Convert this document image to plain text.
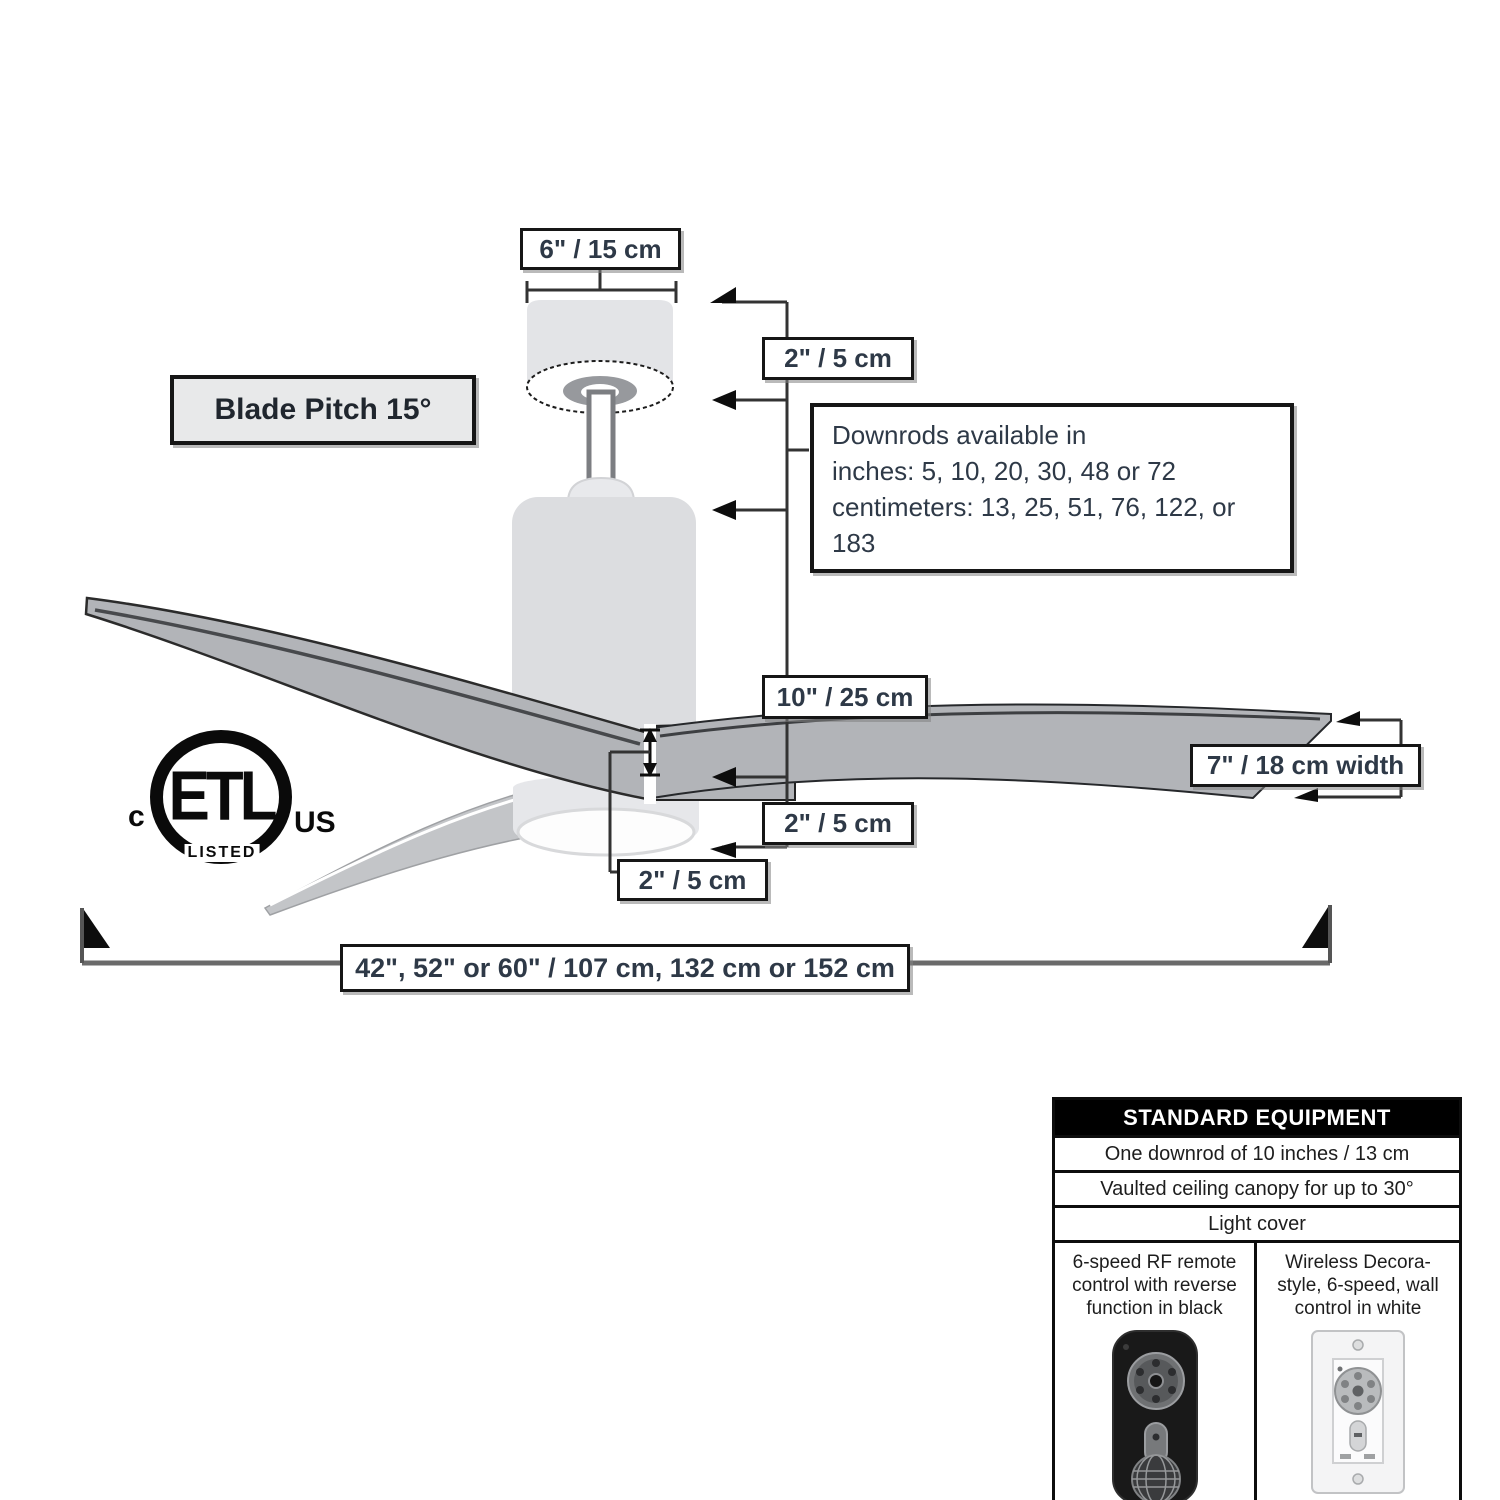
6" / 15 cm
2" / 5 cm
Blade Pitch 15°
Downrods available in
inches: 5, 10, 20, 30, 48 or 72
centimeters: 13, 25, 51, 76, 122, or 183
10" / 25 cm
7" / 18 cm width
2" / 5 cm
2" / 5 cm
42", 52" or 60" / 107 cm, 132 cm or 152 cm
ETL
c	US
LISTED
STANDARD EQUIPMENT
One downrod of 10 inches / 13 cm
Vaulted ceiling canopy for up to 30°
Light cover
6-speed RF remote control with reverse function in black
Wireless Decora-style, 6-speed, wall control in white
